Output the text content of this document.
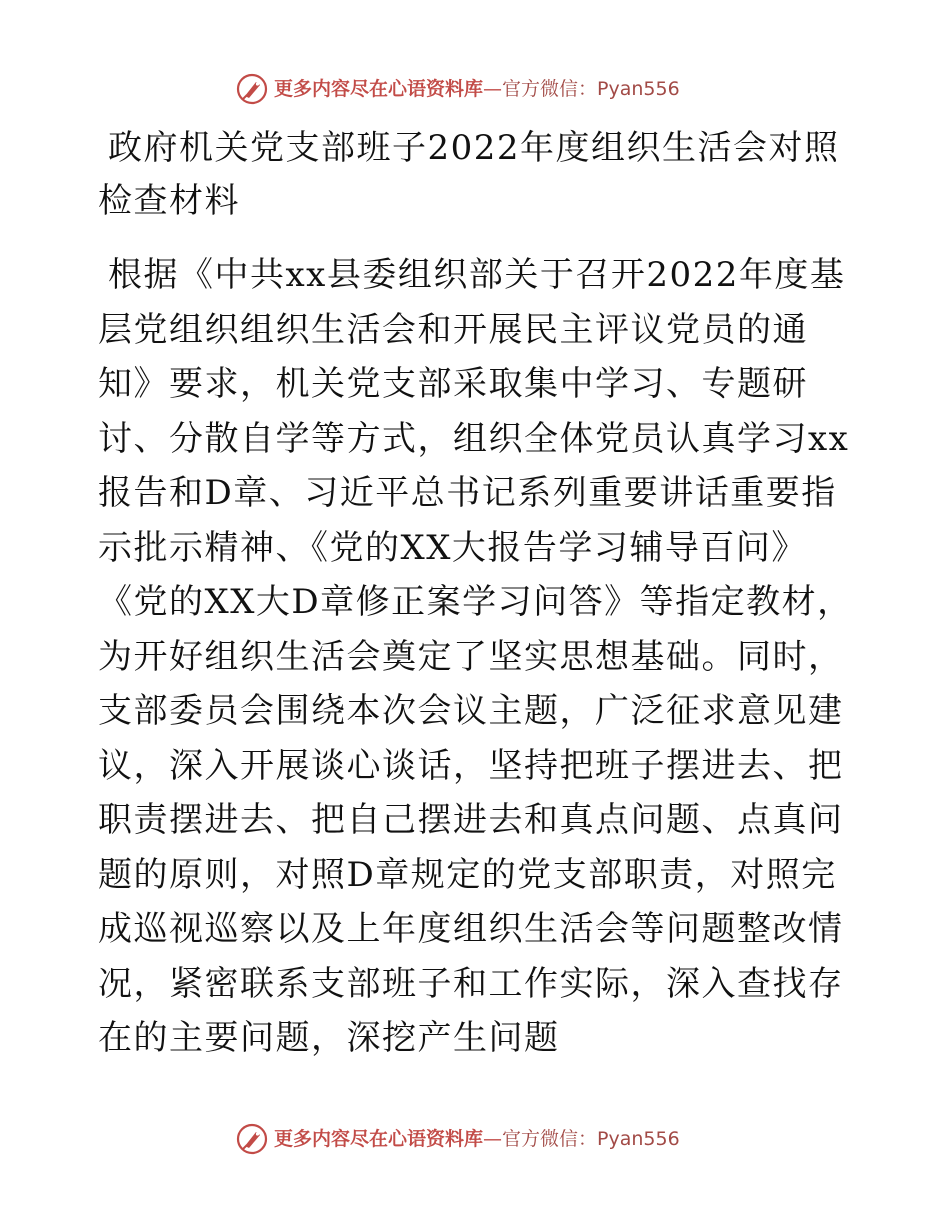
更多内容尽在心语资料库—官方微信：Pyan556
政府机关党支部班子2022年度组织生活会对照检查材料

根据《中共xx县委组织部关于召开2022年度基层党组织组织生活会和开展民主评议党员的通知》要求，机关党支部采取集中学习、专题研讨、分散自学等方式，组织全体党员认真学习xx报告和D章、习近平总书记系列重要讲话重要指示批示精神、《党的XX大报告学习辅导百问》《党的XX大D章修正案学习问答》等指定教材，为开好组织生活会奠定了坚实思想基础。同时，支部委员会围绕本次会议主题，广泛征求意见建议，深入开展谈心谈话，坚持把班子摆进去、把职责摆进去、把自己摆进去和真点问题、点真问题的原则，对照D章规定的党支部职责，对照完成巡视巡察以及上年度组织生活会等问题整改情况，紧密联系支部班子和工作实际，深入查找存在的主要问题，深挖产生问题

更多内容尽在心语资料库—官方微信：Pyan556
